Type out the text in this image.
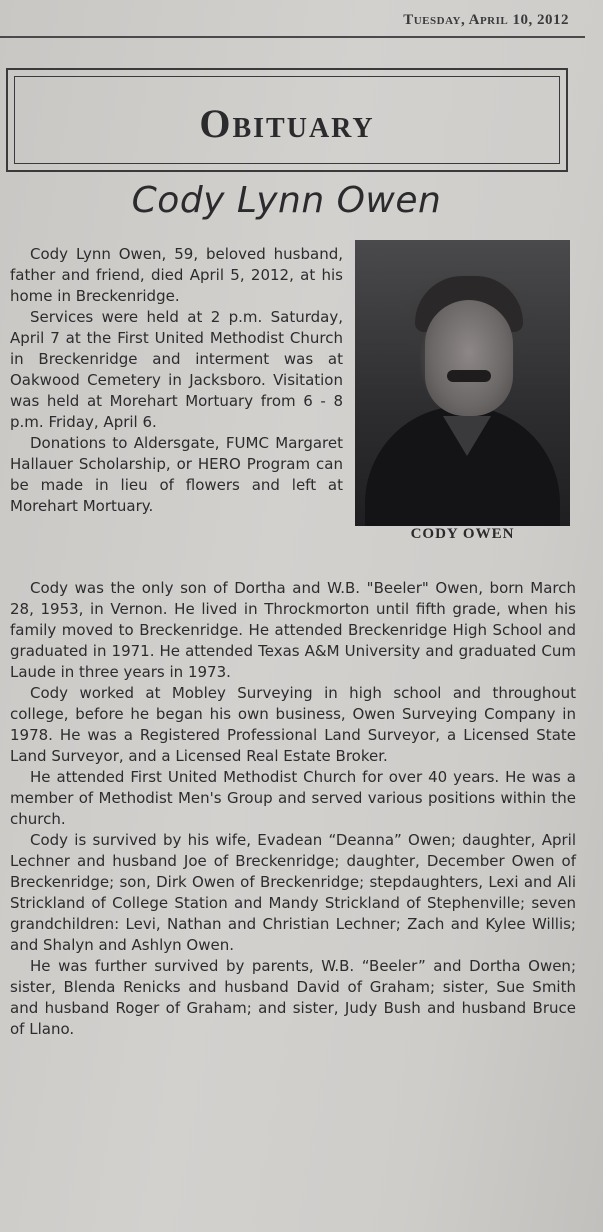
Tuesday, April 10, 2012
Obituary
Cody Lynn Owen
CODY OWEN

Cody Lynn Owen, 59, beloved husband, father and friend, died April 5, 2012, at his home in Breckenridge.

Services were held at 2 p.m. Saturday, April 7 at the First United Methodist Church in Breckenridge and interment was at Oakwood Cemetery in Jacksboro. Visitation was held at Morehart Mortuary from 6 - 8 p.m. Friday, April 6.

Donations to Aldersgate, FUMC Margaret Hallauer Scholarship, or HERO Program can be made in lieu of flowers and left at Morehart Mortuary.

Cody was the only son of Dortha and W.B. "Beeler" Owen, born March 28, 1953, in Vernon. He lived in Throckmorton until fifth grade, when his family moved to Breckenridge. He attended Breckenridge High School and graduated in 1971. He attended Texas A&M University and graduated Cum Laude in three years in 1973.

Cody worked at Mobley Surveying in high school and throughout college, before he began his own business, Owen Surveying Company in 1978. He was a Registered Professional Land Surveyor, a Licensed State Land Surveyor, and a Licensed Real Estate Broker.

He attended First United Methodist Church for over 40 years. He was a member of Methodist Men's Group and served various positions within the church.

Cody is survived by his wife, Evadean “Deanna” Owen; daughter, April Lechner and husband Joe of Breckenridge; daughter, December Owen of Breckenridge; son, Dirk Owen of Breckenridge; stepdaughters, Lexi and Ali Strickland of College Station and Mandy Strickland of Stephenville; seven grandchildren: Levi, Nathan and Christian Lechner; Zach and Kylee Willis; and Shalyn and Ashlyn Owen.

He was further survived by parents, W.B. “Beeler” and Dortha Owen; sister, Blenda Renicks and husband David of Graham; sister, Sue Smith and husband Roger of Graham; and sister, Judy Bush and husband Bruce of Llano.
